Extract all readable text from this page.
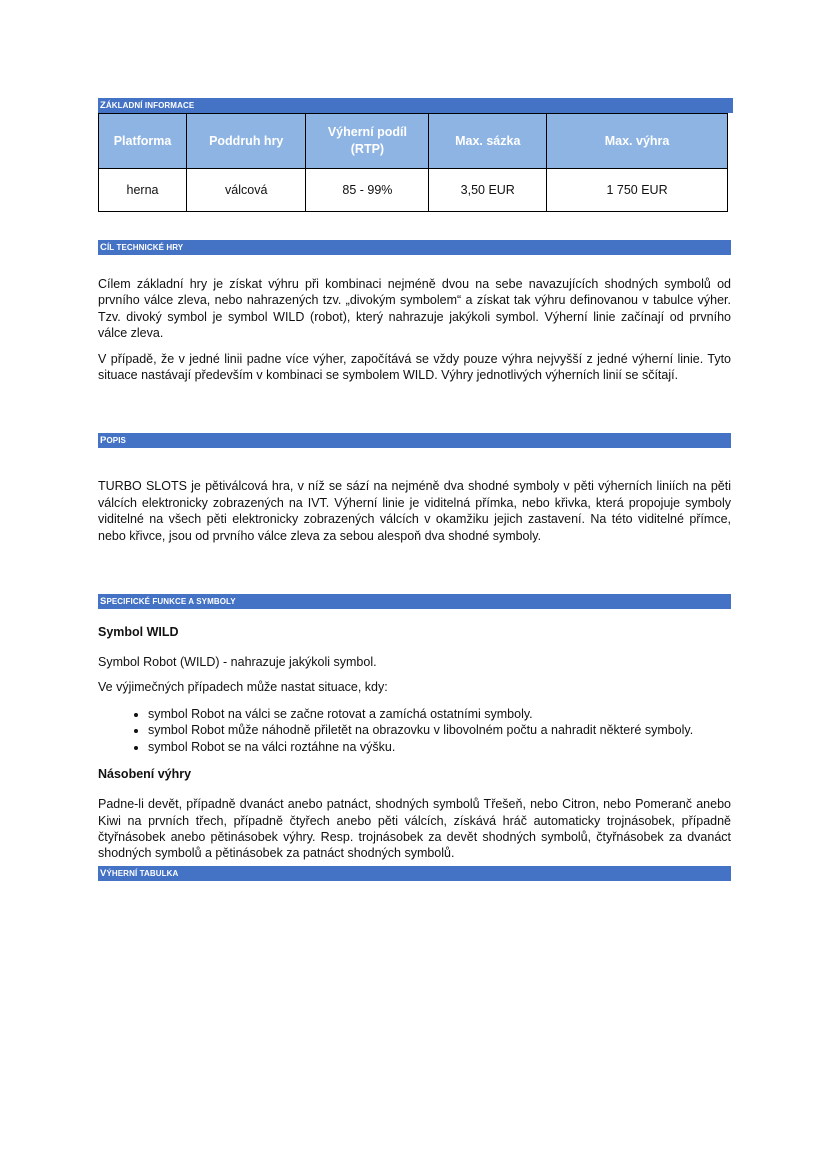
ZÁKLADNÍ INFORMACE
Platforma	Poddruh hry	Výherní podíl (RTP)	Max. sázka	Max. výhra
herna	válcová	85 - 99%	3,50 EUR	1 750 EUR
CÍL TECHNICKÉ HRY

Cílem základní hry je získat výhru při kombinaci nejméně dvou na sebe navazujících shodných symbolů od prvního válce zleva, nebo nahrazených tzv. „divokým symbolem“ a získat tak výhru definovanou v tabulce výher. Tzv. divoký symbol je symbol WILD (robot), který nahrazuje jakýkoli symbol. Výherní linie začínají od prvního válce zleva.

V případě, že v jedné linii padne více výher, započítává se vždy pouze výhra nejvyšší z jedné výherní linie. Tyto situace nastávají především v kombinaci se symbolem WILD. Výhry jednotlivých výherních linií se sčítají.

POPIS

TURBO SLOTS je pětiválcová hra, v níž se sází na nejméně dva shodné symboly v pěti výherních liniích na pěti válcích elektronicky zobrazených na IVT. Výherní linie je viditelná přímka, nebo křivka, která propojuje symboly viditelné na všech pěti elektronicky zobrazených válcích v okamžiku jejich zastavení. Na této viditelné přímce, nebo křivce, jsou od prvního válce zleva za sebou alespoň dva shodné symboly.

SPECIFICKÉ FUNKCE A SYMBOLY

Symbol WILD

Symbol Robot (WILD) - nahrazuje jakýkoli symbol.

Ve výjimečných případech může nastat situace, kdy:

• symbol Robot na válci se začne rotovat a zamíchá ostatními symboly.
• symbol Robot může náhodně přiletět na obrazovku v libovolném počtu a nahradit některé symboly.
• symbol Robot se na válci roztáhne na výšku.

Násobení výhry

Padne-li devět, případně dvanáct anebo patnáct, shodných symbolů Třešeň, nebo Citron, nebo Pomeranč anebo Kiwi na prvních třech, případně čtyřech anebo pěti válcích, získává hráč automaticky trojnásobek, případně čtyřnásobek anebo pětinásobek výhry. Resp. trojnásobek za devět shodných symbolů, čtyřnásobek za dvanáct shodných symbolů a pětinásobek za patnáct shodných symbolů.

VÝHERNÍ TABULKA
